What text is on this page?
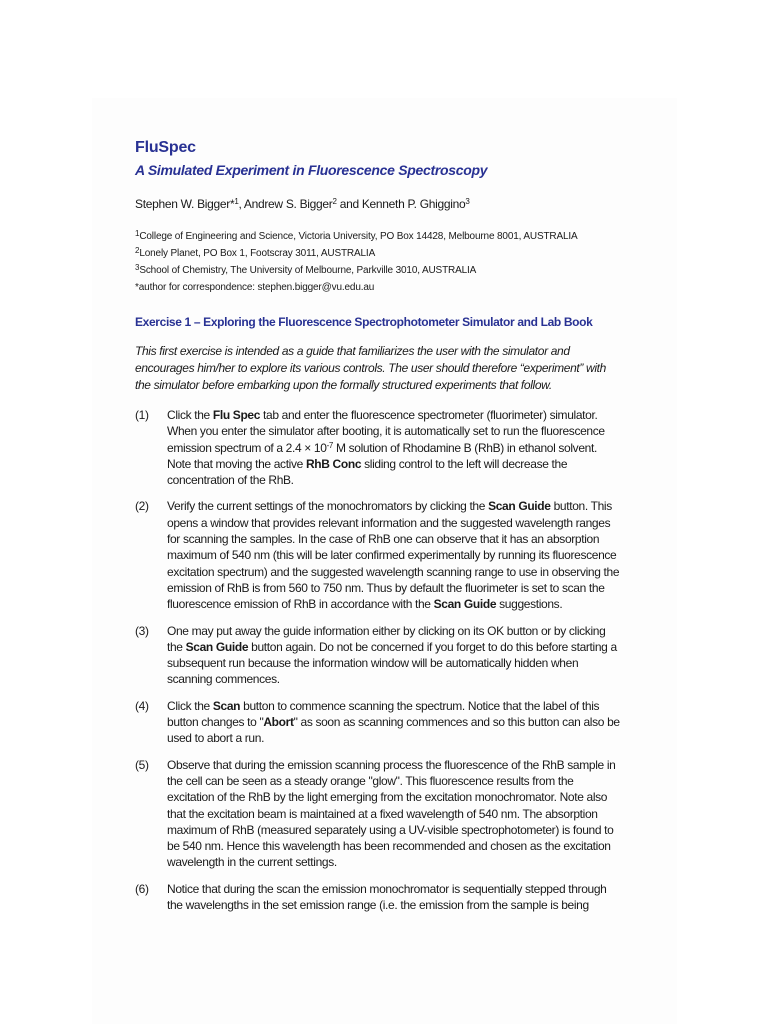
FluSpec
A Simulated Experiment in Fluorescence Spectroscopy
Stephen W. Bigger*$^1$, Andrew S. Bigger$^2$ and Kenneth P. Ghiggino$^3$
$^1$College of Engineering and Science, Victoria University, PO Box 14428, Melbourne 8001, AUSTRALIA
$^2$Lonely Planet, PO Box 1, Footscray 3011, AUSTRALIA
$^3$School of Chemistry, The University of Melbourne, Parkville 3010, AUSTRALIA
*author for correspondence: stephen.bigger@vu.edu.au
Exercise 1 – Exploring the Fluorescence Spectrophotometer Simulator and Lab Book
This first exercise is intended as a guide that familiarizes the user with the simulator and encourages him/her to explore its various controls. The user should therefore “experiment” with the simulator before embarking upon the formally structured experiments that follow.
(1)	Click the Flu Spec tab and enter the fluorescence spectrometer (fluorimeter) simulator. When you enter the simulator after booting, it is automatically set to run the fluorescence emission spectrum of a $2.4 \times 10^{-7}$ M solution of Rhodamine B (RhB) in ethanol solvent. Note that moving the active RhB Conc sliding control to the left will decrease the concentration of the RhB.
(2)	Verify the current settings of the monochromators by clicking the Scan Guide button. This opens a window that provides relevant information and the suggested wavelength ranges for scanning the samples. In the case of RhB one can observe that it has an absorption maximum of 540 nm (this will be later confirmed experimentally by running its fluorescence excitation spectrum) and the suggested wavelength scanning range to use in observing the emission of RhB is from 560 to 750 nm. Thus by default the fluorimeter is set to scan the fluorescence emission of RhB in accordance with the Scan Guide suggestions.
(3)	One may put away the guide information either by clicking on its OK button or by clicking the Scan Guide button again. Do not be concerned if you forget to do this before starting a subsequent run because the information window will be automatically hidden when scanning commences.
(4)	Click the Scan button to commence scanning the spectrum. Notice that the label of this button changes to "Abort" as soon as scanning commences and so this button can also be used to abort a run.
(5)	Observe that during the emission scanning process the fluorescence of the RhB sample in the cell can be seen as a steady orange "glow". This fluorescence results from the excitation of the RhB by the light emerging from the excitation monochromator. Note also that the excitation beam is maintained at a fixed wavelength of 540 nm. The absorption maximum of RhB (measured separately using a UV-visible spectrophotometer) is found to be 540 nm. Hence this wavelength has been recommended and chosen as the excitation wavelength in the current settings.
(6)	Notice that during the scan the emission monochromator is sequentially stepped through the wavelengths in the set emission range (i.e. the emission from the sample is being
